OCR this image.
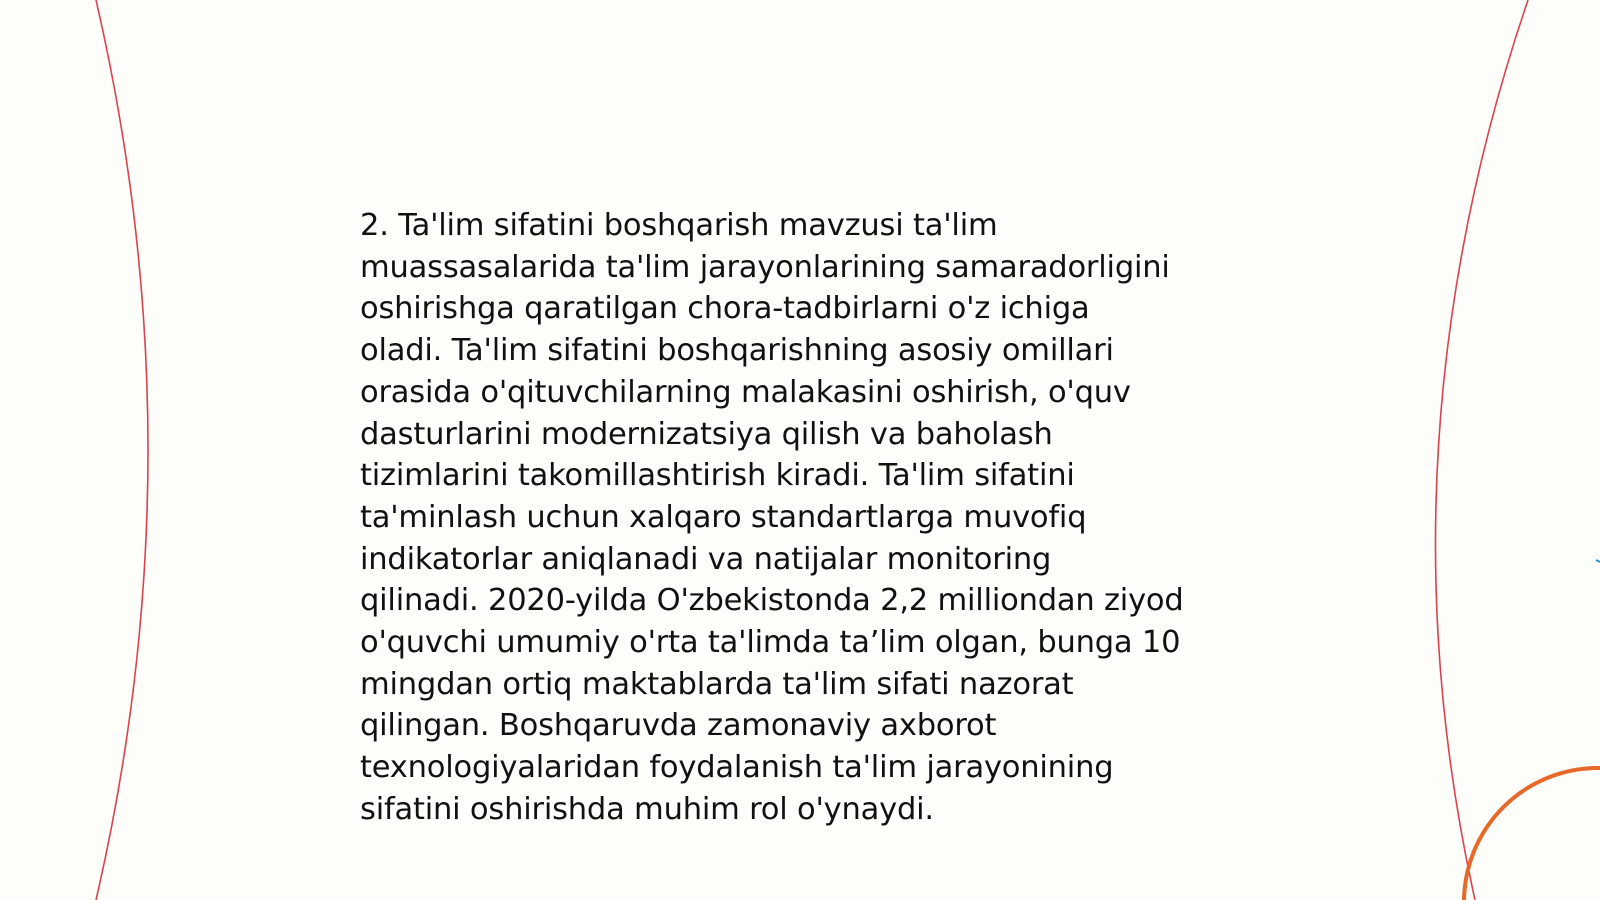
2. Ta'lim sifatini boshqarish mavzusi ta'lim
muassasalarida ta'lim jarayonlarining samaradorligini
oshirishga qaratilgan chora-tadbirlarni o'z ichiga
oladi. Ta'lim sifatini boshqarishning asosiy omillari
orasida o'qituvchilarning malakasini oshirish, o'quv
dasturlarini modernizatsiya qilish va baholash
tizimlarini takomillashtirish kiradi. Ta'lim sifatini
ta'minlash uchun xalqaro standartlarga muvofiq
indikatorlar aniqlanadi va natijalar monitoring
qilinadi. 2020-yilda O'zbekistonda 2,2 milliondan ziyod
o'quvchi umumiy o'rta ta'limda ta’lim olgan, bunga 10
mingdan ortiq maktablarda ta'lim sifati nazorat
qilingan. Boshqaruvda zamonaviy axborot
texnologiyalaridan foydalanish ta'lim jarayonining
sifatini oshirishda muhim rol o'ynaydi.
